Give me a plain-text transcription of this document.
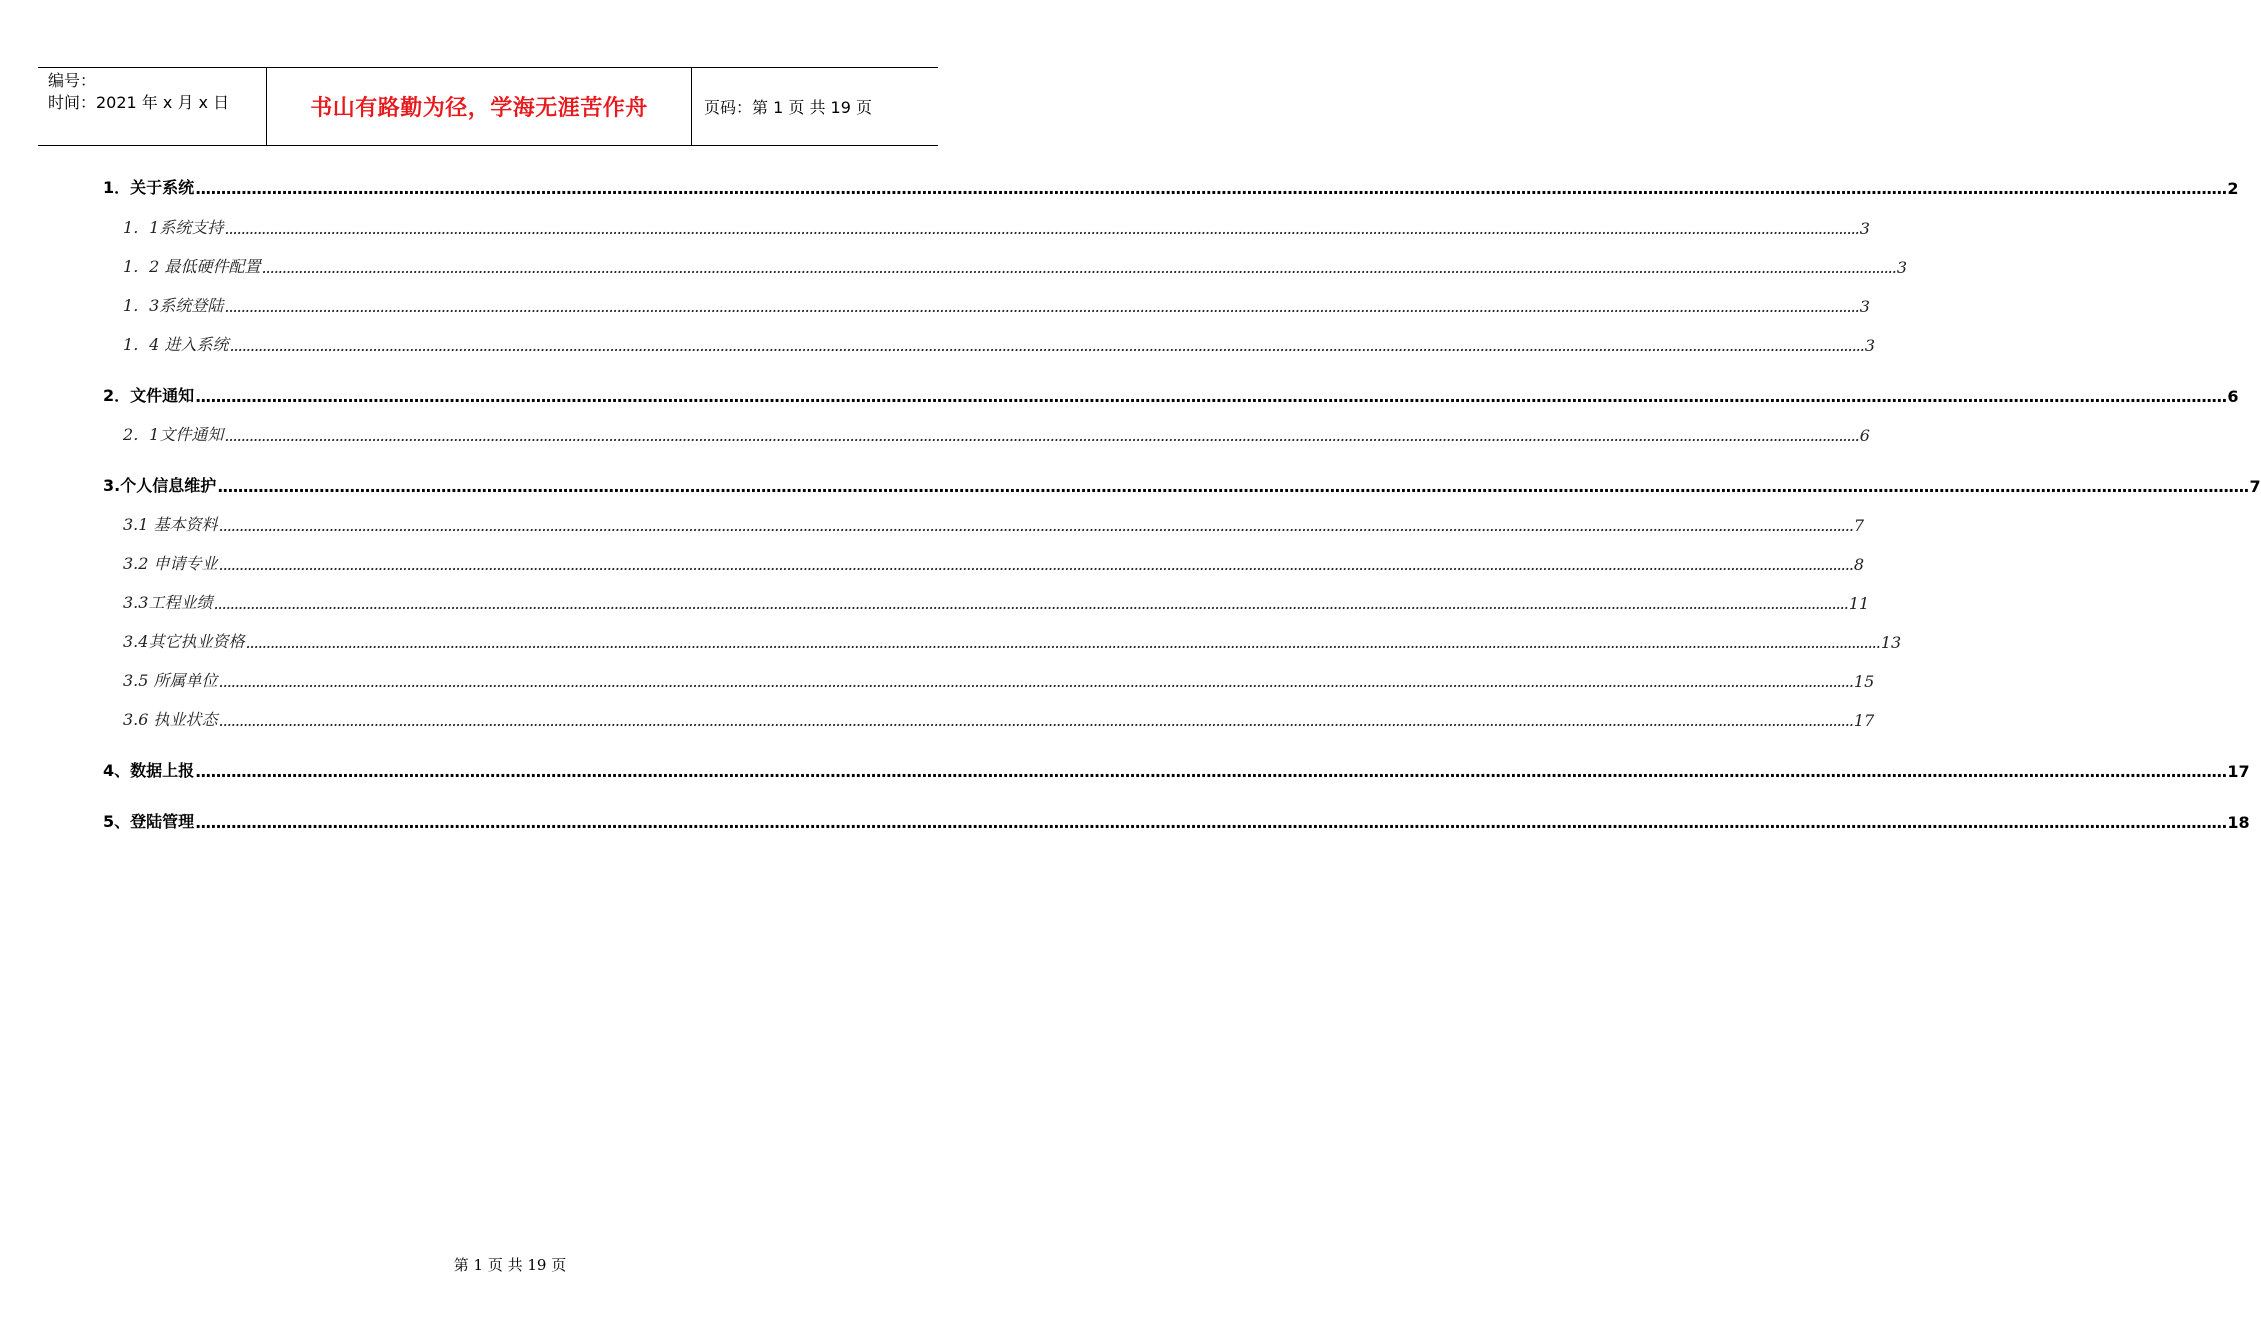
编号：
时间：2021 年 x 月 x 日	书山有路勤为径，学海无涯苦作舟	页码：第 1 页 共 19 页
1．关于系统 ................................................................................................................................................................................................................................................................................................................................................................................................................ 2
1．1系统支持 ................................................................................................................................................................................................................................................................................................................................................................................................................ 3
1．2 最低硬件配置 ................................................................................................................................................................................................................................................................................................................................................................................................................ 3
1．3系统登陆 ................................................................................................................................................................................................................................................................................................................................................................................................................ 3
1．4 进入系统 ................................................................................................................................................................................................................................................................................................................................................................................................................ 3
2．文件通知 ................................................................................................................................................................................................................................................................................................................................................................................................................ 6
2．1文件通知 ................................................................................................................................................................................................................................................................................................................................................................................................................ 6
3.个人信息维护 ................................................................................................................................................................................................................................................................................................................................................................................................................ 7
3.1 基本资料 ................................................................................................................................................................................................................................................................................................................................................................................................................ 7
3.2 申请专业 ................................................................................................................................................................................................................................................................................................................................................................................................................ 8
3.3工程业绩 ................................................................................................................................................................................................................................................................................................................................................................................................................ 11
3.4其它执业资格 ................................................................................................................................................................................................................................................................................................................................................................................................................ 13
3.5 所属单位 ................................................................................................................................................................................................................................................................................................................................................................................................................ 15
3.6 执业状态 ................................................................................................................................................................................................................................................................................................................................................................................................................ 17
4、数据上报 ................................................................................................................................................................................................................................................................................................................................................................................................................ 17
5、登陆管理 ................................................................................................................................................................................................................................................................................................................................................................................................................ 18
第 1 页 共 19 页
